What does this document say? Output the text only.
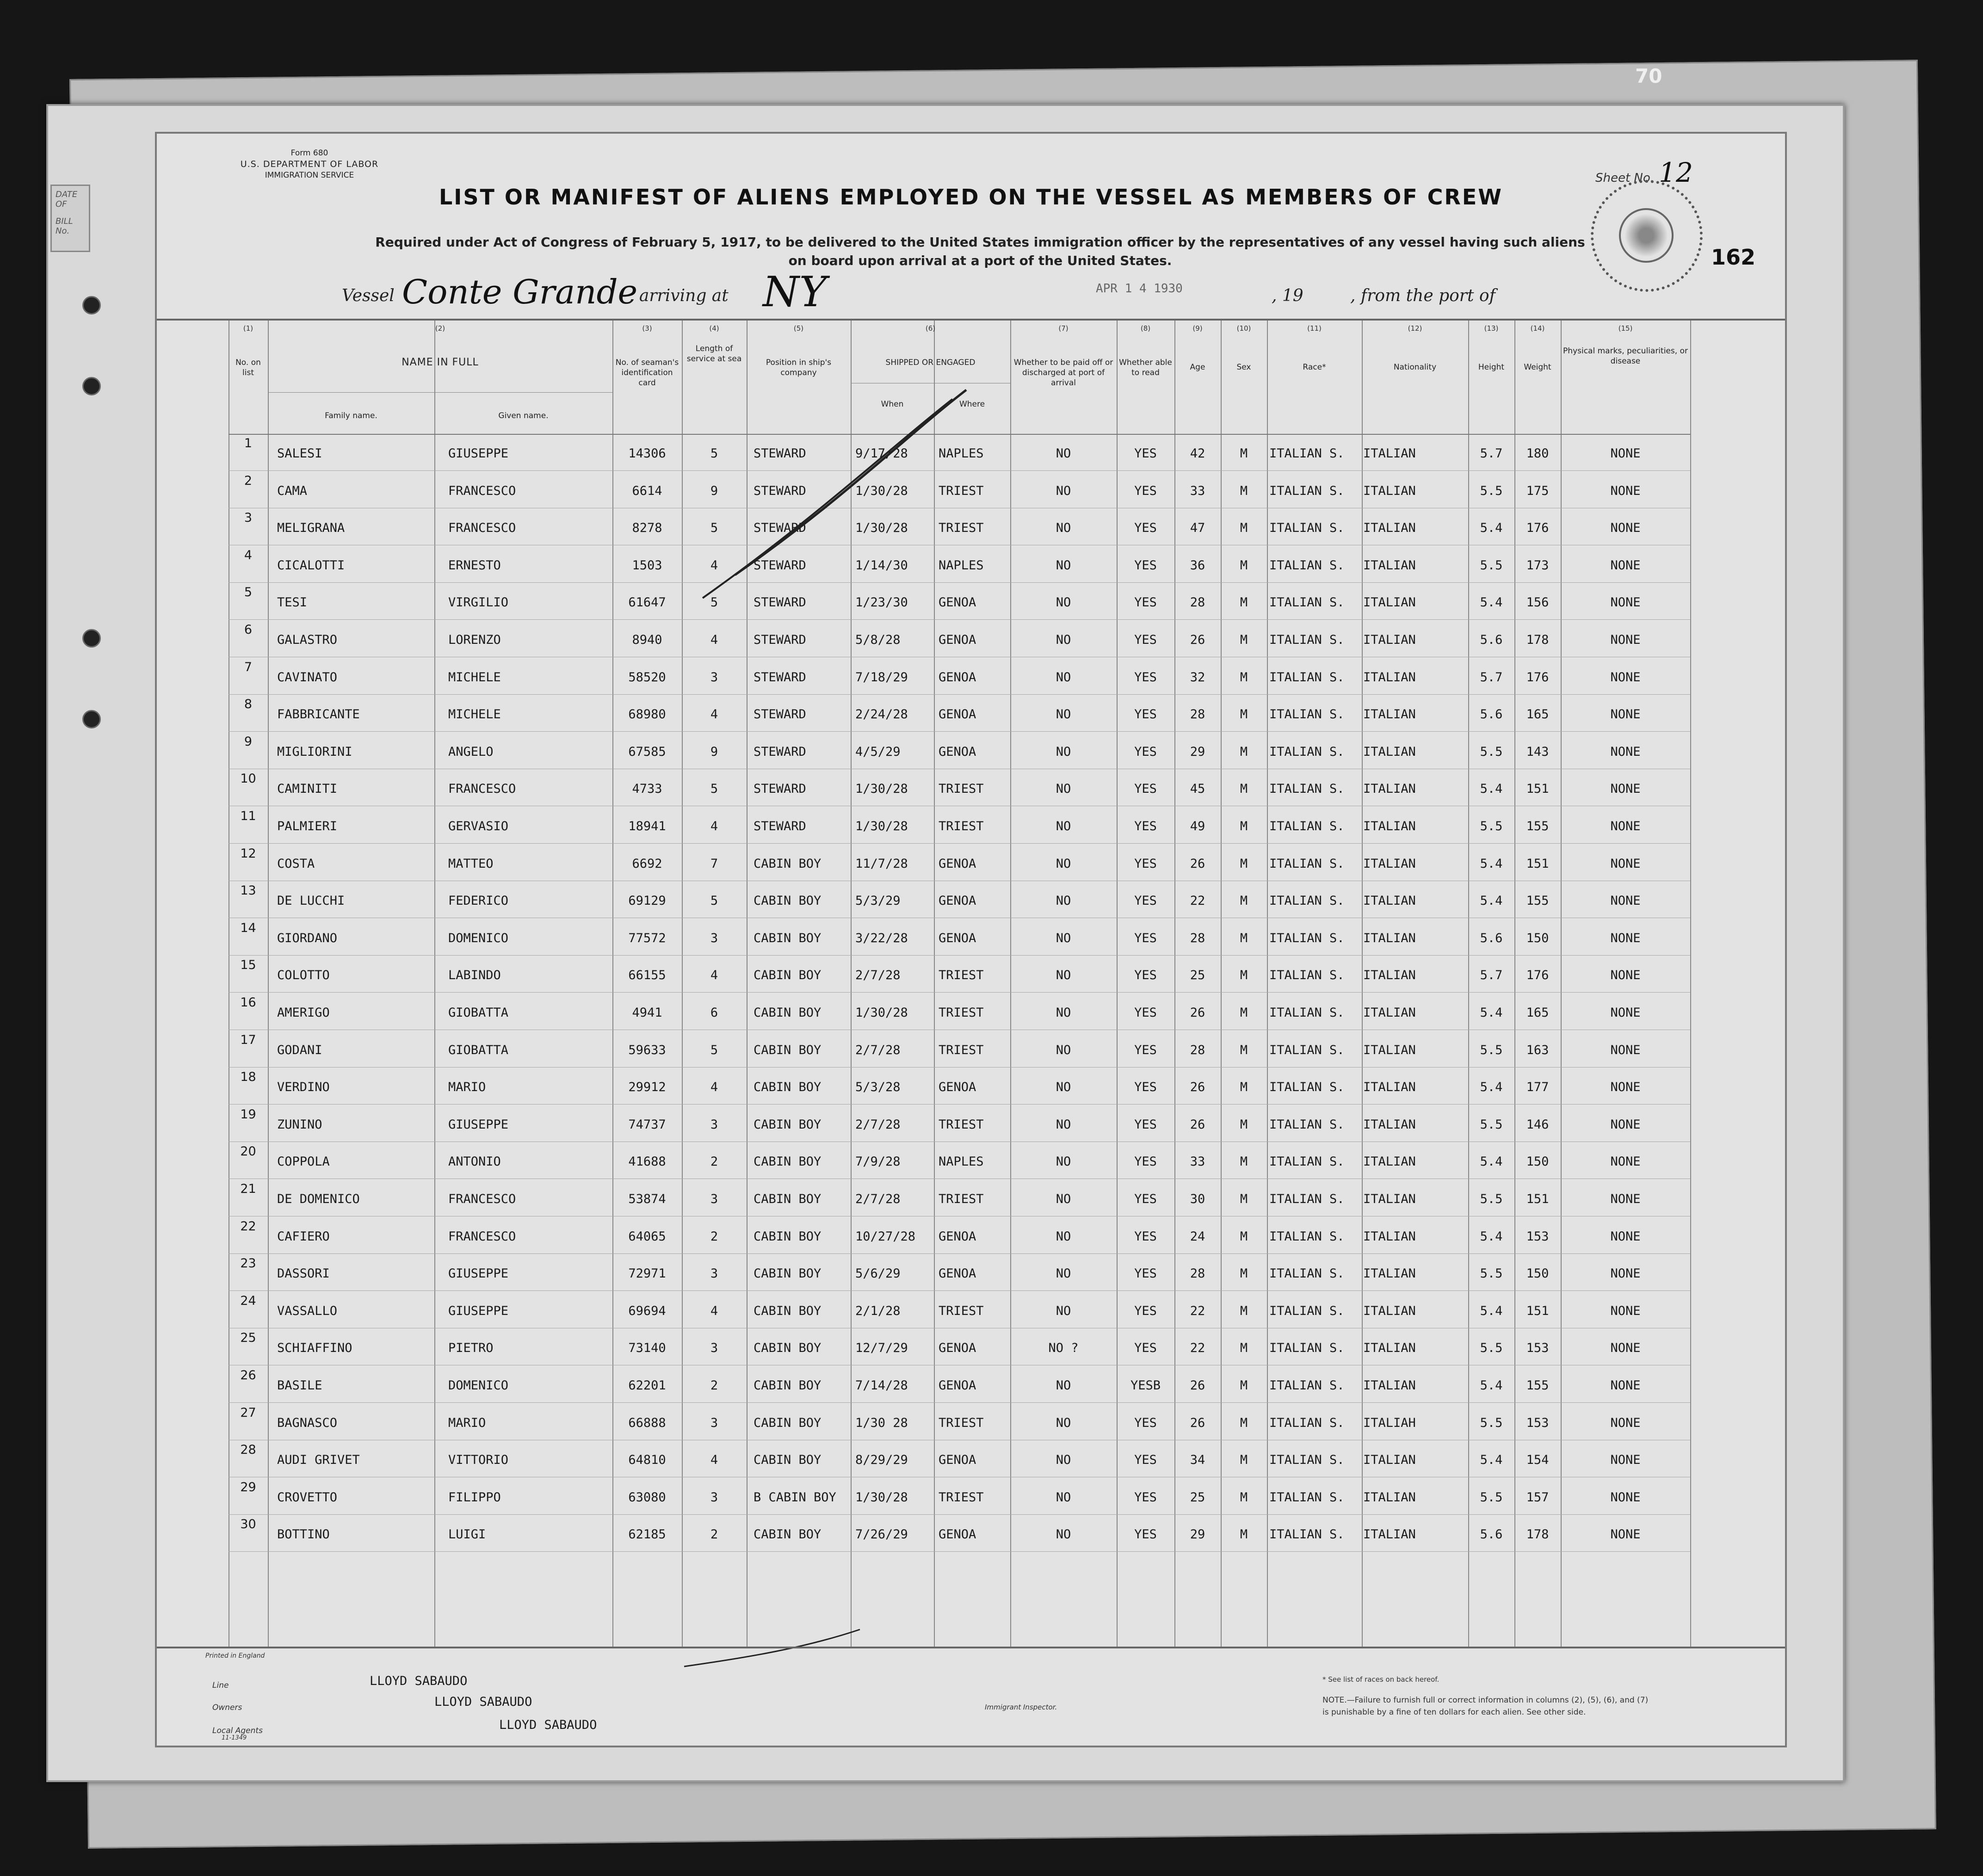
70
DATE OF
BILL No.
Form 680
U.S. DEPARTMENT OF LABOR
IMMIGRATION SERVICE	Sheet No. 12
162
LIST OR MANIFEST OF ALIENS EMPLOYED ON THE VESSEL AS MEMBERS OF CREW
Required under Act of Congress of February 5, 1917, to be delivered to the United States immigration officer by the representatives of any vessel having such aliens
on board upon arrival at a port of the United States.
Vessel Conte Grande
, arriving at NY	APR 1 4 1930	, 19	, from the port of
(1)	(2)	(3)	(4)	(5)	(6)	(7)	(8)	(9)	(10)	(11)	(12)	(13)	(14)	(15)
No. on list
NAME IN FULL
Family name.	Given name.
No. of seaman's identification card
Length of service at sea	Position in ship's company
SHIPPED OR ENGAGED
When	Where
Whether to be paid off or discharged at port of arrival
Whether able to read
Age	Sex	Race*	Nationality	Height	Weight
Physical marks, peculiarities, or disease
1
SALESI	GIUSEPPE	14306	5	STEWARD	9/17/28	NAPLES	NO	YES	42	M	ITALIAN S.	ITALIAN	5.7	180	NONE
2
CAMA	FRANCESCO	6614	9	STEWARD	1/30/28	TRIEST	NO	YES	33	M	ITALIAN S.	ITALIAN	5.5	175	NONE
3
MELIGRANA	FRANCESCO	8278	5	STEWARD	1/30/28	TRIEST	NO	YES	47	M	ITALIAN S.	ITALIAN	5.4	176	NONE
4
CICALOTTI	ERNESTO	1503	4	STEWARD	1/14/30	NAPLES	NO	YES	36	M	ITALIAN S.	ITALIAN	5.5	173	NONE
5
TESI	VIRGILIO	61647	5	STEWARD	1/23/30	GENOA	NO	YES	28	M	ITALIAN S.	ITALIAN	5.4	156	NONE
6
GALASTRO	LORENZO	8940	4	STEWARD	5/8/28	GENOA	NO	YES	26	M	ITALIAN S.	ITALIAN	5.6	178	NONE
7
CAVINATO	MICHELE	58520	3	STEWARD	7/18/29	GENOA	NO	YES	32	M	ITALIAN S.	ITALIAN	5.7	176	NONE
8
FABBRICANTE	MICHELE	68980	4	STEWARD	2/24/28	GENOA	NO	YES	28	M	ITALIAN S.	ITALIAN	5.6	165	NONE
9
MIGLIORINI	ANGELO	67585	9	STEWARD	4/5/29	GENOA	NO	YES	29	M	ITALIAN S.	ITALIAN	5.5	143	NONE
10
CAMINITI	FRANCESCO	4733	5	STEWARD	1/30/28	TRIEST	NO	YES	45	M	ITALIAN S.	ITALIAN	5.4	151	NONE
11
PALMIERI	GERVASIO	18941	4	STEWARD	1/30/28	TRIEST	NO	YES	49	M	ITALIAN S.	ITALIAN	5.5	155	NONE
12
COSTA	MATTEO	6692	7	CABIN BOY	11/7/28	GENOA	NO	YES	26	M	ITALIAN S.	ITALIAN	5.4	151	NONE
13
DE LUCCHI	FEDERICO	69129	5	CABIN BOY	5/3/29	GENOA	NO	YES	22	M	ITALIAN S.	ITALIAN	5.4	155	NONE
14
GIORDANO	DOMENICO	77572	3	CABIN BOY	3/22/28	GENOA	NO	YES	28	M	ITALIAN S.	ITALIAN	5.6	150	NONE
15
COLOTTO	LABINDO	66155	4	CABIN BOY	2/7/28	TRIEST	NO	YES	25	M	ITALIAN S.	ITALIAN	5.7	176	NONE
16
AMERIGO	GIOBATTA	4941	6	CABIN BOY	1/30/28	TRIEST	NO	YES	26	M	ITALIAN S.	ITALIAN	5.4	165	NONE
17
GODANI	GIOBATTA	59633	5	CABIN BOY	2/7/28	TRIEST	NO	YES	28	M	ITALIAN S.	ITALIAN	5.5	163	NONE
18
VERDINO	MARIO	29912	4	CABIN BOY	5/3/28	GENOA	NO	YES	26	M	ITALIAN S.	ITALIAN	5.4	177	NONE
19
ZUNINO	GIUSEPPE	74737	3	CABIN BOY	2/7/28	TRIEST	NO	YES	26	M	ITALIAN S.	ITALIAN	5.5	146	NONE
20
COPPOLA	ANTONIO	41688	2	CABIN BOY	7/9/28	NAPLES	NO	YES	33	M	ITALIAN S.	ITALIAN	5.4	150	NONE
21
DE DOMENICO	FRANCESCO	53874	3	CABIN BOY	2/7/28	TRIEST	NO	YES	30	M	ITALIAN S.	ITALIAN	5.5	151	NONE
22
CAFIERO	FRANCESCO	64065	2	CABIN BOY	10/27/28	GENOA	NO	YES	24	M	ITALIAN S.	ITALIAN	5.4	153	NONE
23
DASSORI	GIUSEPPE	72971	3	CABIN BOY	5/6/29	GENOA	NO	YES	28	M	ITALIAN S.	ITALIAN	5.5	150	NONE
24
VASSALLO	GIUSEPPE	69694	4	CABIN BOY	2/1/28	TRIEST	NO	YES	22	M	ITALIAN S.	ITALIAN	5.4	151	NONE
25
SCHIAFFINO	PIETRO	73140	3	CABIN BOY	12/7/29	GENOA	NO ?	YES	22	M	ITALIAN S.	ITALIAN	5.5	153	NONE
26
BASILE	DOMENICO	62201	2	CABIN BOY	7/14/28	GENOA	NO	YESB	26	M	ITALIAN S.	ITALIAN	5.4	155	NONE
27
BAGNASCO	MARIO	66888	3	CABIN BOY	1/30 28	TRIEST	NO	YES	26	M	ITALIAN S.	ITALIAH	5.5	153	NONE
28
AUDI GRIVET	VITTORIO	64810	4	CABIN BOY	8/29/29	GENOA	NO	YES	34	M	ITALIAN S.	ITALIAN	5.4	154	NONE
29
CROVETTO	FILIPPO	63080	3	B CABIN BOY	1/30/28	TRIEST	NO	YES	25	M	ITALIAN S.	ITALIAN	5.5	157	NONE
30
BOTTINO	LUIGI	62185	2	CABIN BOY	7/26/29	GENOA	NO	YES	29	M	ITALIAN S.	ITALIAN	5.6	178	NONE
Printed in England
Line	LLOYD SABAUDO
Owners	LLOYD SABAUDO
Local Agents
11-1349
LLOYD SABAUDO
Immigrant Inspector.
* See list of races on back hereof.
NOTE.—Failure to furnish full or correct information in columns (2), (5), (6), and (7)
is punishable by a fine of ten dollars for each alien. See other side.
